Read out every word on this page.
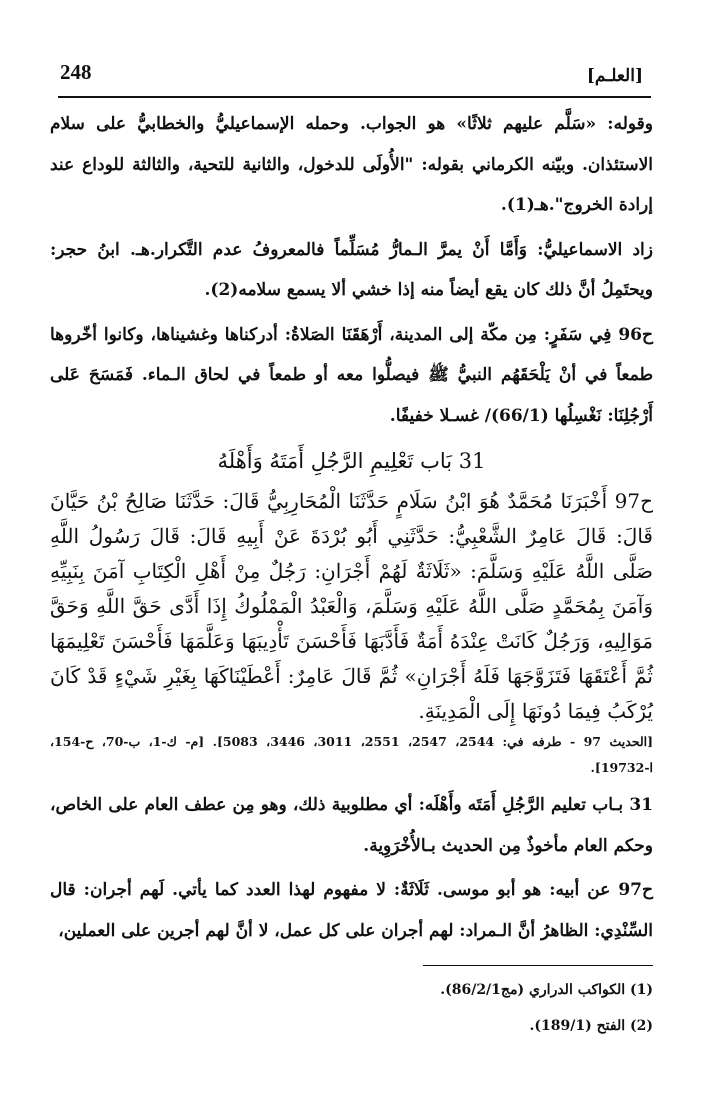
248	[العلـم]

وقوله: «سَلَّم عليهم ثلاثًا» هو الجواب. وحمله الإسماعيليُّ والخطابيُّ على سلام الاستئذان. وبيّنه الكرماني بقوله: "الأُولَى للدخول، والثانية للتحية، والثالثة للوداع عند إرادة الخروج".هـ(1).

زاد الاسماعيليُّ: وَأَمَّا أَنْ يمرَّ الـمارُّ مُسَلِّماً فالمعروفُ عدم التَّكرار.هـ. ابنُ حجر: ويحتَمِلُ أنَّ ذلك كان يقع أيضاً منه إذا خشي ألا يسمع سلامه(2).

ح96 فِي سَفَرٍ: مِن مكّة إلى المدينة، أَرْهَقَنَا الصَلاةُ: أدركناها وغشيناها، وكانوا أخّروها طمعاً في أنْ يَلْحَقَهُم النبيُّ ﷺ فيصلُّوا معه أو طمعاً في لحاق الـماء. فَمَسَحَ عَلى أَرْجُلِنَا: نَغْسِلُها (66/1)/ غسـلا خفيفًا.

31 بَاب تَعْلِيمِ الرَّجُلِ أَمَتَهُ وَأَهْلَهُ

ح97 أَخْبَرَنَا مُحَمَّدٌ هُوَ ابْنُ سَلَامٍ حَدَّثَنَا الْمُحَارِبِيُّ قَالَ: حَدَّثَنَا صَالِحُ بْنُ حَيَّانَ قَالَ: قَالَ عَامِرٌ الشَّعْبِيُّ: حَدَّثَنِي أَبُو بُرْدَةَ عَنْ أَبِيهِ قَالَ: قَالَ رَسُولُ اللَّهِ صَلَّى اللَّهُ عَلَيْهِ وَسَلَّمَ: «ثَلَاثَةٌ لَهُمْ أَجْرَانِ: رَجُلٌ مِنْ أَهْلِ الْكِتَابِ آمَنَ بِنَبِيِّهِ وَآمَنَ بِمُحَمَّدٍ صَلَّى اللَّهُ عَلَيْهِ وَسَلَّمَ، وَالْعَبْدُ الْمَمْلُوكُ إِذَا أَدَّى حَقَّ اللَّهِ وَحَقَّ مَوَالِيهِ، وَرَجُلٌ كَانَتْ عِنْدَهُ أَمَةٌ فَأَدَّبَهَا فَأَحْسَنَ تَأْدِيبَهَا وَعَلَّمَهَا فَأَحْسَنَ تَعْلِيمَهَا ثُمَّ أَعْتَقَهَا فَتَزَوَّجَهَا فَلَهُ أَجْرَانِ» ثُمَّ قَالَ عَامِرٌ: أَعْطَيْنَاكَهَا بِغَيْرِ شَيْءٍ قَدْ كَانَ يُرْكَبُ فِيمَا دُونَهَا إِلَى الْمَدِينَةِ.

[الحديث 97 - طرفه في: 2544، 2547، 2551، 3011، 3446، 5083]. [م- ك-1، ب-70، ح-154، ا-19732].

31 بـاب تعليم الرَّجُلِ أَمَتَه وأَهْلَه: أي مطلوبية ذلك، وهو مِن عطف العام على الخاص، وحكم العام مأخوذٌ مِن الحديث بـالأُخْرَوِية.

ح97 عن أبيه: هو أبو موسى. ثَلَاثَةٌ: لا مفهوم لهذا العدد كما يأتي. لَهم أجران: قال السِّنْدِي: الظاهرُ أنَّ الـمراد: لهم أجران على كل عمل، لا أنَّ لهم أجرين على العملين،

(1) الكواكب الدراري (مج86/2/1).
(2) الفتح (189/1).
